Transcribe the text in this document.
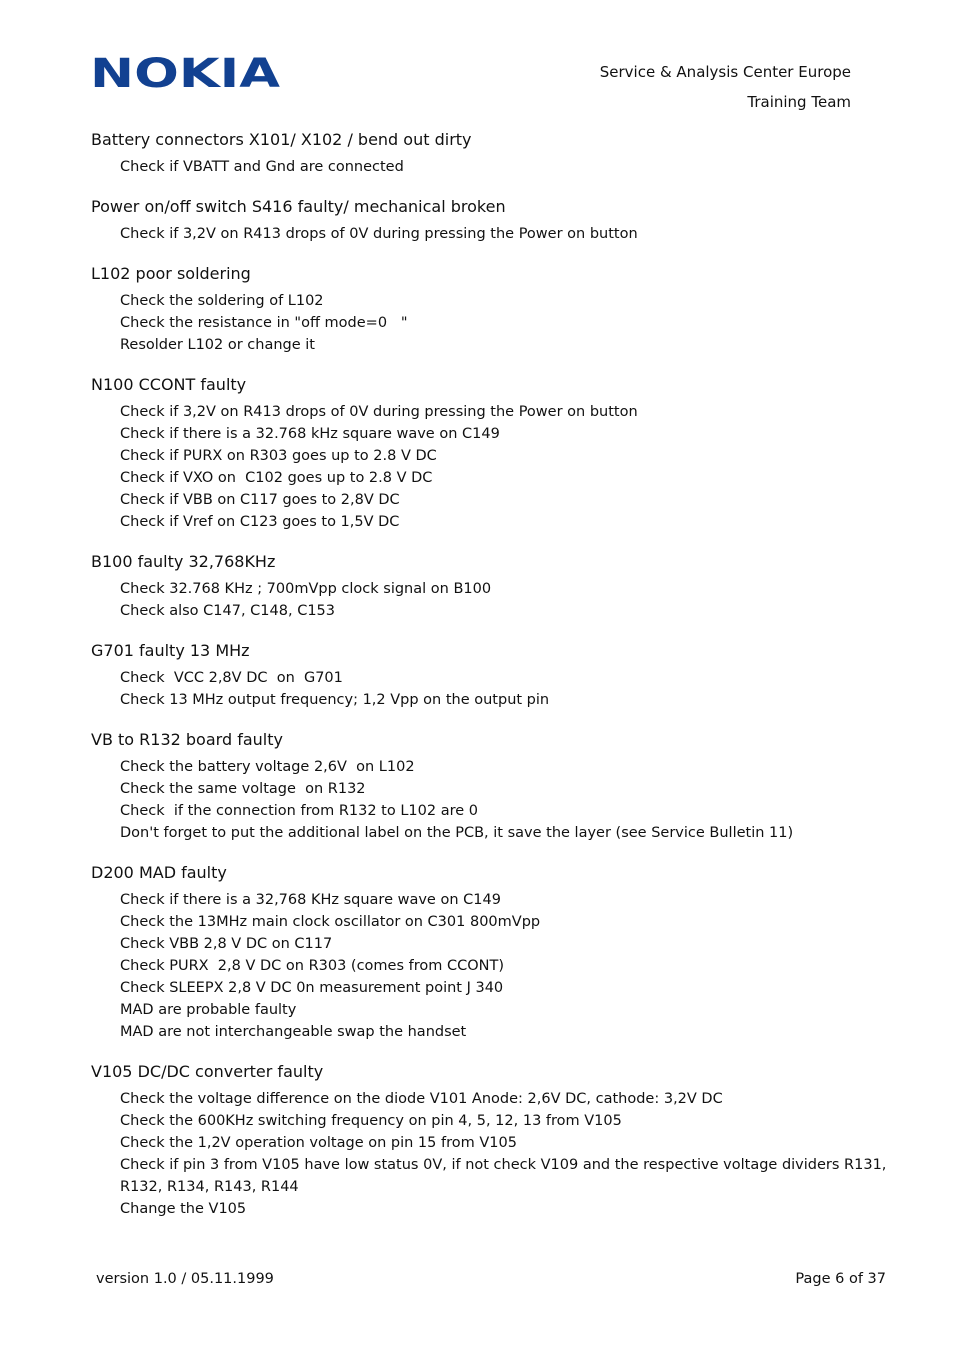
NOKIA	Service & Analysis Center Europe
Training Team
Battery connectors X101/ X102 / bend out dirty
Check if VBATT and Gnd are connected
Power on/off switch S416 faulty/ mechanical broken
Check if 3,2V on R413 drops of 0V during pressing the Power on button
L102 poor soldering
Check the soldering of L102
Check the resistance in "off mode=0   "
Resolder L102 or change it
N100 CCONT faulty
Check if 3,2V on R413 drops of 0V during pressing the Power on button
Check if there is a 32.768 kHz square wave on C149
Check if PURX on R303 goes up to 2.8 V DC
Check if VXO on  C102 goes up to 2.8 V DC
Check if VBB on C117 goes to 2,8V DC
Check if Vref on C123 goes to 1,5V DC
B100 faulty 32,768KHz
Check 32.768 KHz ; 700mVpp clock signal on B100
Check also C147, C148, C153
G701 faulty 13 MHz
Check  VCC 2,8V DC  on  G701
Check 13 MHz output frequency; 1,2 Vpp on the output pin
VB to R132 board faulty
Check the battery voltage 2,6V  on L102
Check the same voltage  on R132
Check  if the connection from R132 to L102 are 0
Don't forget to put the additional label on the PCB, it save the layer (see Service Bulletin 11)
D200 MAD faulty
Check if there is a 32,768 KHz square wave on C149
Check the 13MHz main clock oscillator on C301 800mVpp
Check VBB 2,8 V DC on C117
Check PURX  2,8 V DC on R303 (comes from CCONT)
Check SLEEPX 2,8 V DC 0n measurement point J 340
MAD are probable faulty
MAD are not interchangeable swap the handset
V105 DC/DC converter faulty
Check the voltage difference on the diode V101 Anode: 2,6V DC, cathode: 3,2V DC
Check the 600KHz switching frequency on pin 4, 5, 12, 13 from V105
Check the 1,2V operation voltage on pin 15 from V105
Check if pin 3 from V105 have low status 0V, if not check V109 and the respective voltage dividers R131, R132, R134, R143, R144
Change the V105
version 1.0 / 05.11.1999	Page 6 of 37
